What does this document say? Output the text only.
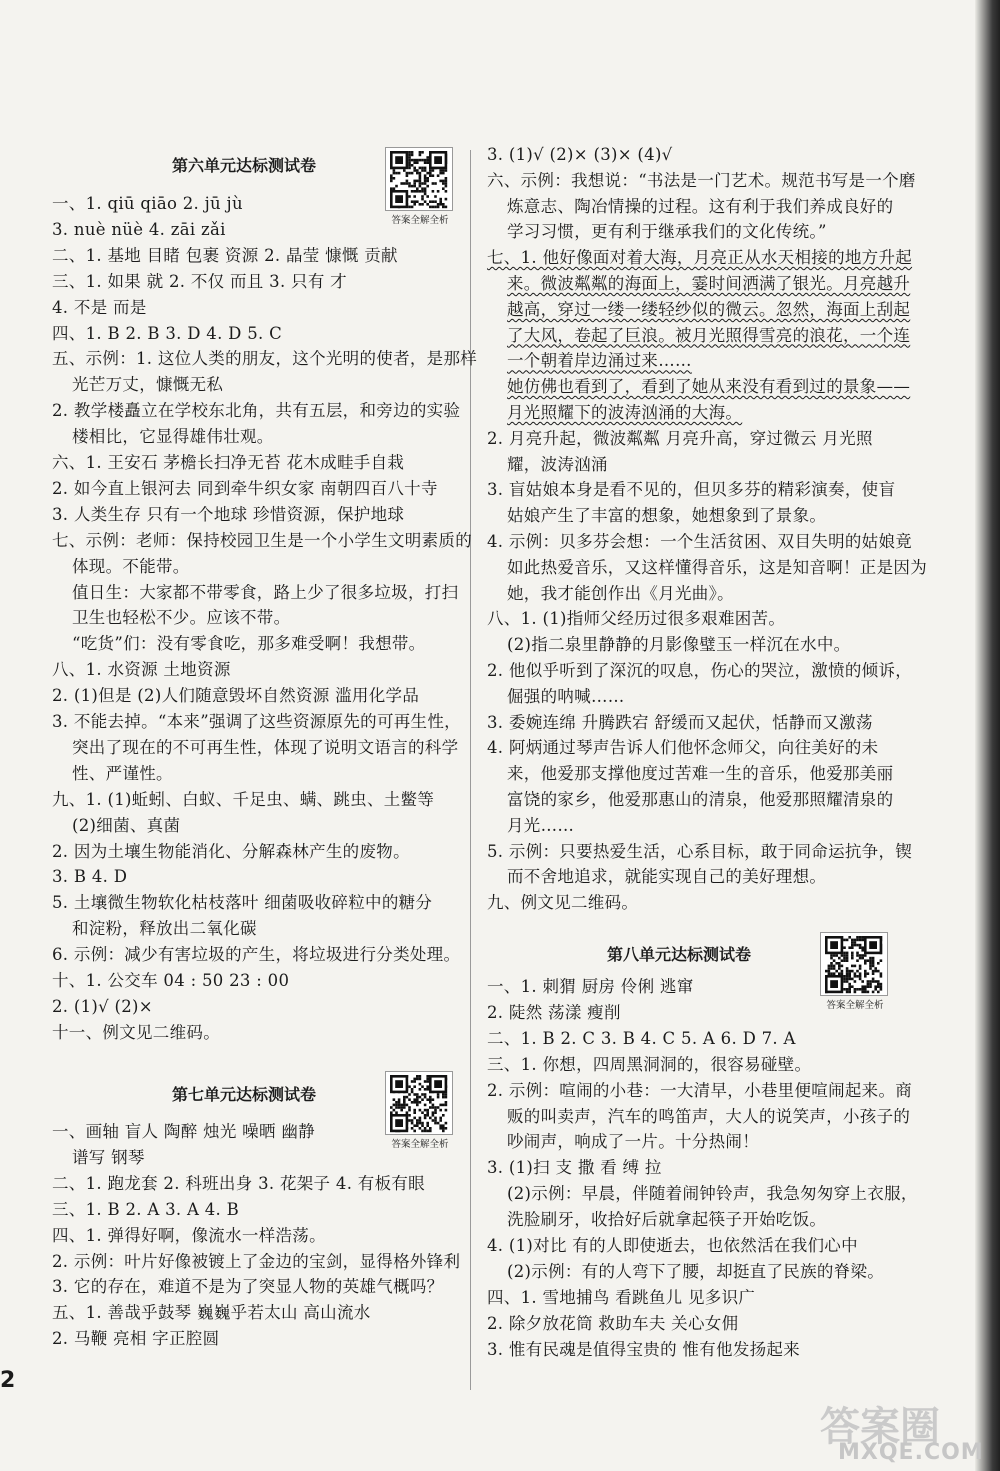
第六单元达标测试卷
答案全解全析
一、1. qiū qiāo 2. jū jù
3. nuè nüè 4. zāi zǎi
二、1. 基地 目睹 包裹 资源 2. 晶莹 慷慨 贡献
三、1. 如果 就 2. 不仅 而且 3. 只有 才
4. 不是 而是
四、1. B 2. B 3. D 4. D 5. C
五、示例：1. 这位人类的朋友，这个光明的使者，是那样
光芒万丈，慷慨无私
2. 教学楼矗立在学校东北角，共有五层，和旁边的实验
楼相比，它显得雄伟壮观。
六、1. 王安石 茅檐长扫净无苔 花木成畦手自栽
2. 如今直上银河去 同到牵牛织女家 南朝四百八十寺
3. 人类生存 只有一个地球 珍惜资源，保护地球
七、示例：老师：保持校园卫生是一个小学生文明素质的
体现。不能带。
值日生：大家都不带零食，路上少了很多垃圾，打扫
卫生也轻松不少。应该不带。
“吃货”们：没有零食吃，那多难受啊！我想带。
八、1. 水资源 土地资源
2. (1)但是 (2)人们随意毁坏自然资源 滥用化学品
3. 不能去掉。“本来”强调了这些资源原先的可再生性，
突出了现在的不可再生性，体现了说明文语言的科学
性、严谨性。
九、1. (1)蚯蚓、白蚁、千足虫、螨、跳虫、土鳖等
(2)细菌、真菌
2. 因为土壤生物能消化、分解森林产生的废物。
3. B 4. D
5. 土壤微生物软化枯枝落叶 细菌吸收碎粒中的糖分
和淀粉，释放出二氧化碳
6. 示例：减少有害垃圾的产生，将垃圾进行分类处理。
十、1. 公交车 04 : 50 23 : 00
2. (1)√ (2)×
十一、例文见二维码。
第七单元达标测试卷
答案全解全析
一、画轴 盲人 陶醉 烛光 噪晒 幽静
谱写 钢琴
二、1. 跑龙套 2. 科班出身 3. 花架子 4. 有板有眼
三、1. B 2. A 3. A 4. B
四、1. 弹得好啊，像流水一样浩荡。
2. 示例：叶片好像被镀上了金边的宝剑，显得格外锋利
3. 它的存在，难道不是为了突显人物的英雄气概吗？
五、1. 善哉乎鼓琴 巍巍乎若太山 高山流水
2. 马鞭 亮相 字正腔圆
3. (1)√ (2)× (3)× (4)√
六、示例：我想说：“书法是一门艺术。规范书写是一个磨
炼意志、陶冶情操的过程。这有利于我们养成良好的
学习习惯，更有利于继承我们的文化传统。”
七、1. 他好像面对着大海，月亮正从水天相接的地方升起
来。微波粼粼的海面上，霎时间洒满了银光。月亮越升
越高，穿过一缕一缕轻纱似的微云。忽然，海面上刮起
了大风，卷起了巨浪。被月光照得雪亮的浪花，一个连
一个朝着岸边涌过来……
她仿佛也看到了，看到了她从来没有看到过的景象——
月光照耀下的波涛汹涌的大海。
2. 月亮升起，微波粼粼 月亮升高，穿过微云 月光照
耀，波涛汹涌
3. 盲姑娘本身是看不见的，但贝多芬的精彩演奏，使盲
姑娘产生了丰富的想象，她想象到了景象。
4. 示例：贝多芬会想：一个生活贫困、双目失明的姑娘竟
如此热爱音乐，又这样懂得音乐，这是知音啊！正是因为
她，我才能创作出《月光曲》。
八、1. (1)指师父经历过很多艰难困苦。
(2)指二泉里静静的月影像璧玉一样沉在水中。
2. 他似乎听到了深沉的叹息，伤心的哭泣，激愤的倾诉，
倔强的呐喊……
3. 委婉连绵 升腾跌宕 舒缓而又起伏，恬静而又激荡
4. 阿炳通过琴声告诉人们他怀念师父，向往美好的未
来，他爱那支撑他度过苦难一生的音乐，他爱那美丽
富饶的家乡，他爱那惠山的清泉，他爱那照耀清泉的
月光……
5. 示例：只要热爱生活，心系目标，敢于同命运抗争，锲
而不舍地追求，就能实现自己的美好理想。
九、例文见二维码。
第八单元达标测试卷
答案全解全析
一、1. 刺猬 厨房 伶俐 逃窜
2. 陡然 荡漾 瘦削
二、1. B 2. C 3. B 4. C 5. A 6. D 7. A
三、1. 你想，四周黑洞洞的，很容易碰壁。
2. 示例：喧闹的小巷：一大清早，小巷里便喧闹起来。商
贩的叫卖声，汽车的鸣笛声，大人的说笑声，小孩子的
吵闹声，响成了一片。十分热闹！
3. (1)扫 支 撒 看 缚 拉
(2)示例：早晨，伴随着闹钟铃声，我急匆匆穿上衣服，
洗脸刷牙，收拾好后就拿起筷子开始吃饭。
4. (1)对比 有的人即使逝去，也依然活在我们心中
(2)示例：有的人弯下了腰，却挺直了民族的脊梁。
四、1. 雪地捕鸟 看跳鱼儿 见多识广
2. 除夕放花筒 救助车夫 关心女佣
3. 惟有民魂是值得宝贵的 惟有他发扬起来
2
答案圈
MXQE.COM
